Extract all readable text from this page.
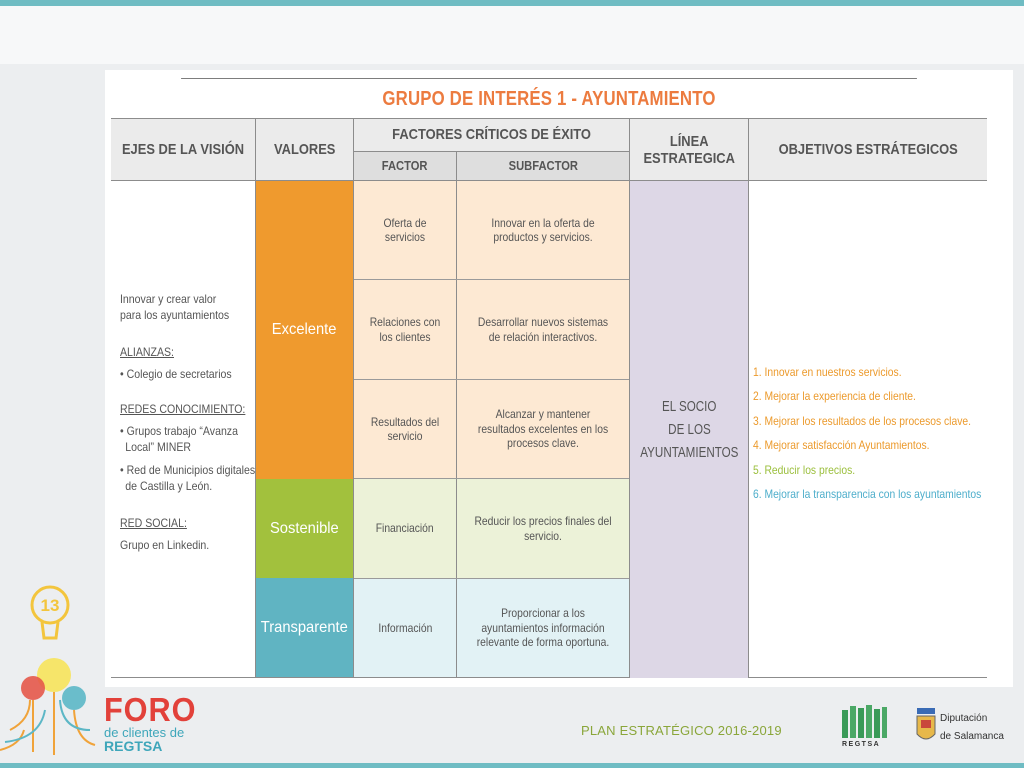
GRUPO DE INTERÉS 1 - AYUNTAMIENTO
EJES DE LA VISIÓN VALORES
FACTORES CRÍTICOS DE ÉXITO
FACTOR	SUBFACTOR
LÍNEA ESTRATEGICA
OBJETIVOS ESTRÁTEGICOS
Innovar y crear valor
para los ayuntamientos
ALIANZAS:
• Colegio de secretarios
REDES CONOCIMIENTO:
• Grupos trabajo “Avanza
Local” MINER
• Red de Municipios digitales
de Castilla y León.
RED SOCIAL:
Grupo en Linkedin.
Excelente
Sostenible
Transparente
Oferta de servicios
Innovar en la oferta de productos y servicios.
Relaciones con los clientes
Desarrollar nuevos sistemas de relación interactivos.
Resultados del servicio
Alcanzar y mantener resultados excelentes en los procesos clave.
Financiación
Reducir los precios finales del servicio.
Información
Proporcionar a los ayuntamientos información relevante de forma oportuna.
EL SOCIO
DE LOS
AYUNTAMIENTOS
1. Innovar en nuestros servicios.
2. Mejorar la experiencia de cliente.
3. Mejorar los resultados de los procesos clave.
4. Mejorar satisfacción Ayuntamientos.
5. Reducir los precios.
6. Mejorar la transparencia con los ayuntamientos
13
FORO
de clientes de
REGTSA
PLAN ESTRATÉGICO 2016-2019
REGTSA
Diputación
de Salamanca
